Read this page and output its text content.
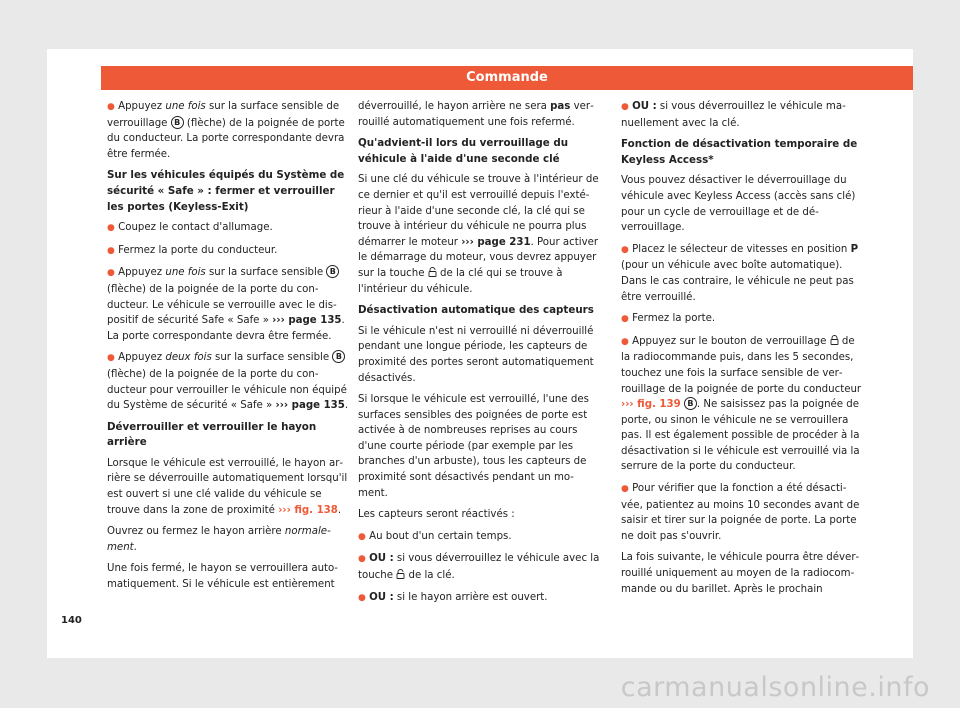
Commande

● Appuyez une fois sur la surface sensible de verrouillage B (flèche) de la poignée de porte du conducteur. La porte correspondante devra être fermée.

Sur les véhicules équipés du Système de sécurité « Safe » : fermer et verrouiller les portes (Keyless-Exit)

● Coupez le contact d'allumage.

● Fermez la porte du conducteur.

● Appuyez une fois sur la surface sensible B (flèche) de la poignée de la porte du conducteur. Le véhicule se verrouille avec le dispositif de sécurité Safe « Safe » ››› page 135. La porte correspondante devra être fermée.

● Appuyez deux fois sur la surface sensible B (flèche) de la poignée de la porte du conducteur pour verrouiller le véhicule non équipé du Système de sécurité « Safe » ››› page 135.

Déverrouiller et verrouiller le hayon arrière

Lorsque le véhicule est verrouillé, le hayon arrière se déverrouille automatiquement lorsqu'il est ouvert si une clé valide du véhicule se trouve dans la zone de proximité ››› fig. 138.

Ouvrez ou fermez le hayon arrière normalement.

Une fois fermé, le hayon se verrouillera automatiquement. Si le véhicule est entièrement

déverrouillé, le hayon arrière ne sera pas verrouillé automatiquement une fois refermé.

Qu'advient-il lors du verrouillage du véhicule à l'aide d'une seconde clé

Si une clé du véhicule se trouve à l'intérieur de ce dernier et qu'il est verrouillé depuis l'extérieur à l'aide d'une seconde clé, la clé qui se trouve à intérieur du véhicule ne pourra plus démarrer le moteur ››› page 231. Pour activer le démarrage du moteur, vous devrez appuyer sur la touche  de la clé qui se trouve à l'intérieur du véhicule.

Désactivation automatique des capteurs

Si le véhicule n'est ni verrouillé ni déverrouillé pendant une longue période, les capteurs de proximité des portes seront automatiquement désactivés.

Si lorsque le véhicule est verrouillé, l'une des surfaces sensibles des poignées de porte est activée à de nombreuses reprises au cours d'une courte période (par exemple par les branches d'un arbuste), tous les capteurs de proximité sont désactivés pendant un moment.

Les capteurs seront réactivés :

● Au bout d'un certain temps.

● OU : si vous déverrouillez le véhicule avec la touche  de la clé.

● OU : si le hayon arrière est ouvert.

● OU : si vous déverrouillez le véhicule manuellement avec la clé.

Fonction de désactivation temporaire de Keyless Access*

Vous pouvez désactiver le déverrouillage du véhicule avec Keyless Access (accès sans clé) pour un cycle de verrouillage et de déverrouillage.

● Placez le sélecteur de vitesses en position P (pour un véhicule avec boîte automatique). Dans le cas contraire, le véhicule ne peut pas être verrouillé.

● Fermez la porte.

● Appuyez sur le bouton de verrouillage  de la radiocommande puis, dans les 5 secondes, touchez une fois la surface sensible de verrouillage de la poignée de porte du conducteur ››› fig. 139 B . Ne saisissez pas la poignée de porte, ou sinon le véhicule ne se verrouillera pas. Il est également possible de procéder à la désactivation si le véhicule est verrouillé via la serrure de la porte du conducteur.

● Pour vérifier que la fonction a été désactivée, patientez au moins 10 secondes avant de saisir et tirer sur la poignée de porte. La porte ne doit pas s'ouvrir.

La fois suivante, le véhicule pourra être déverrouillé uniquement au moyen de la radiocommande ou du barillet. Après le prochain

140
carmanualsonline.info
